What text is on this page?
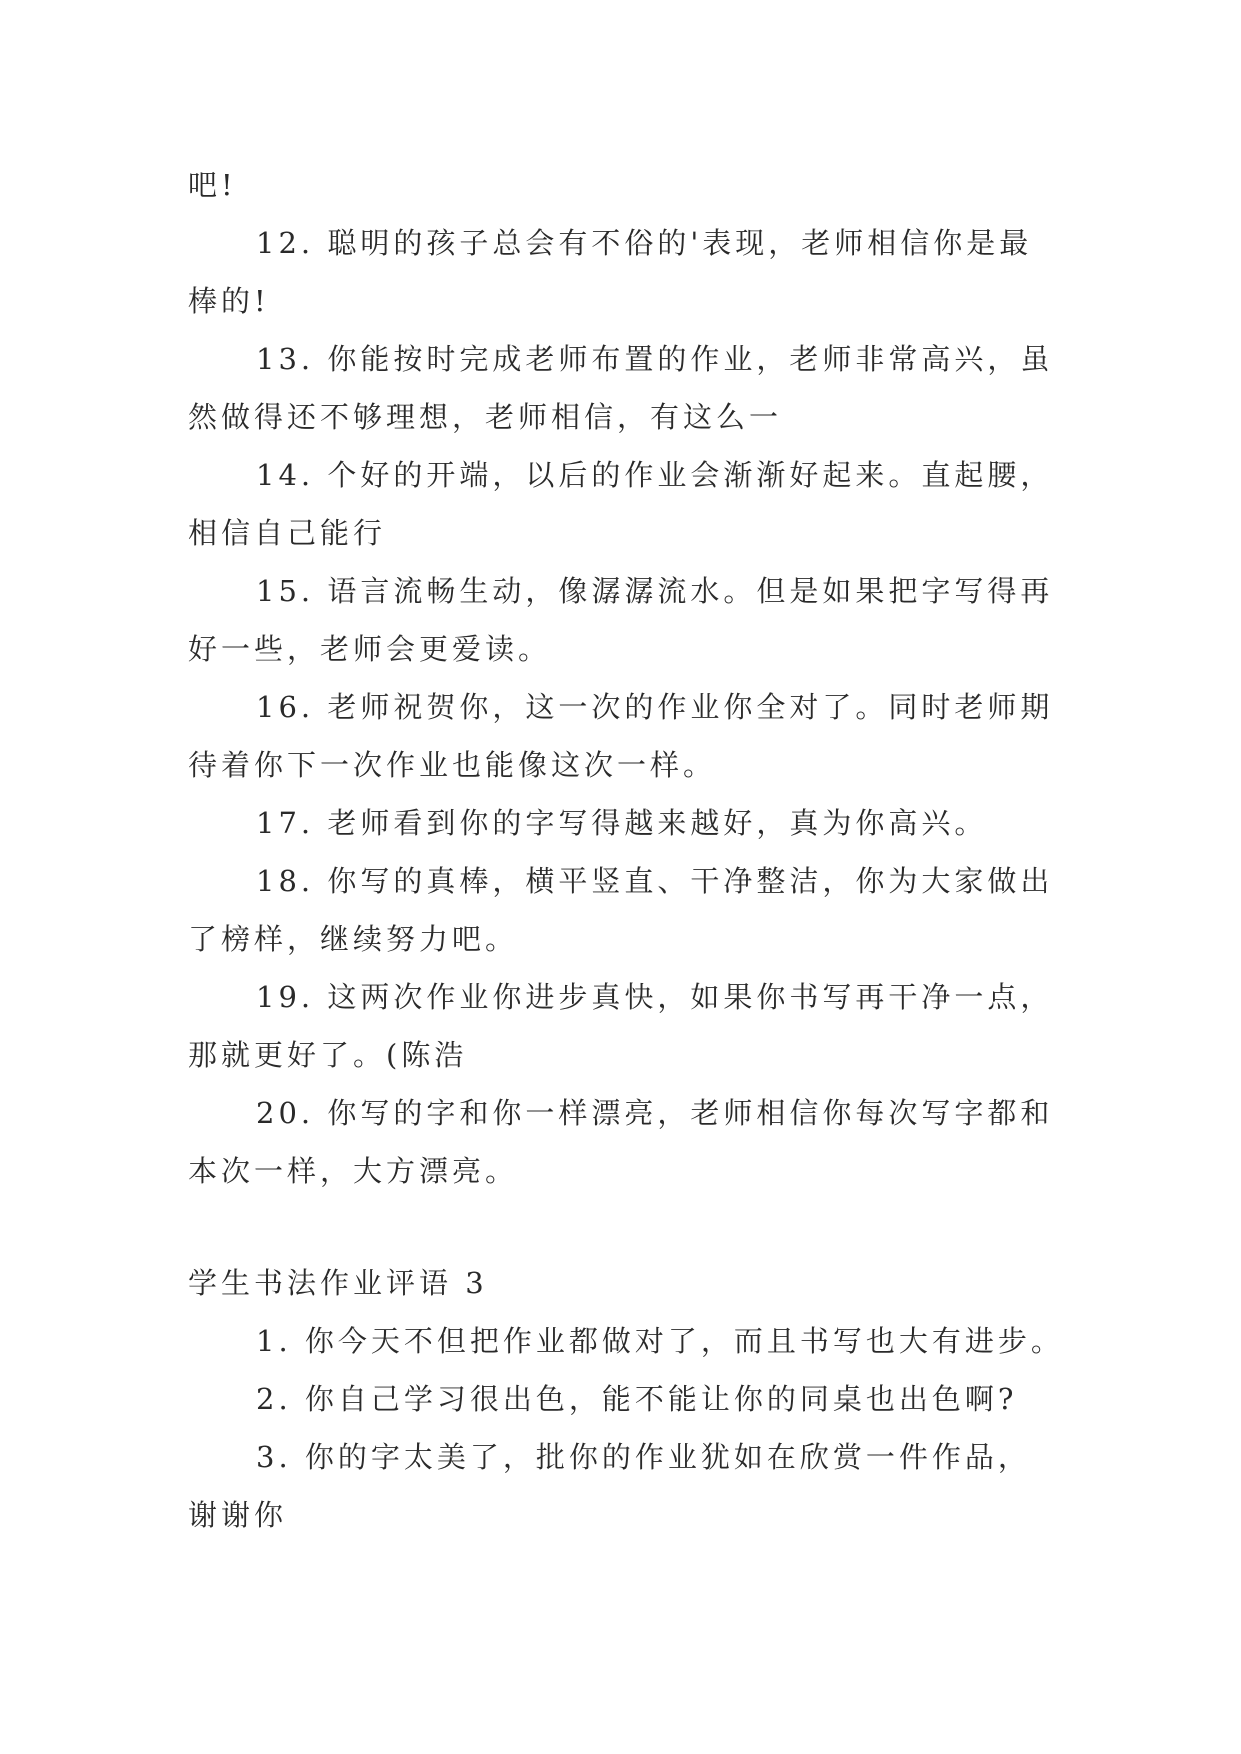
吧!
12. 聪明的孩子总会有不俗的'表现，老师相信你是最
棒的!
13. 你能按时完成老师布置的作业，老师非常高兴，虽
然做得还不够理想，老师相信，有这么一
14. 个好的开端，以后的作业会渐渐好起来。直起腰，
相信自己能行
15. 语言流畅生动，像潺潺流水。但是如果把字写得再
好一些，老师会更爱读。
16. 老师祝贺你，这一次的作业你全对了。同时老师期
待着你下一次作业也能像这次一样。
17. 老师看到你的字写得越来越好，真为你高兴。
18. 你写的真棒，横平竖直、干净整洁，你为大家做出
了榜样，继续努力吧。
19. 这两次作业你进步真快，如果你书写再干净一点，
那就更好了。(陈浩
20. 你写的字和你一样漂亮，老师相信你每次写字都和
本次一样，大方漂亮。
学生书法作业评语 3
1. 你今天不但把作业都做对了，而且书写也大有进步。
2. 你自己学习很出色，能不能让你的同桌也出色啊?
3. 你的字太美了，批你的作业犹如在欣赏一件作品，
谢谢你
